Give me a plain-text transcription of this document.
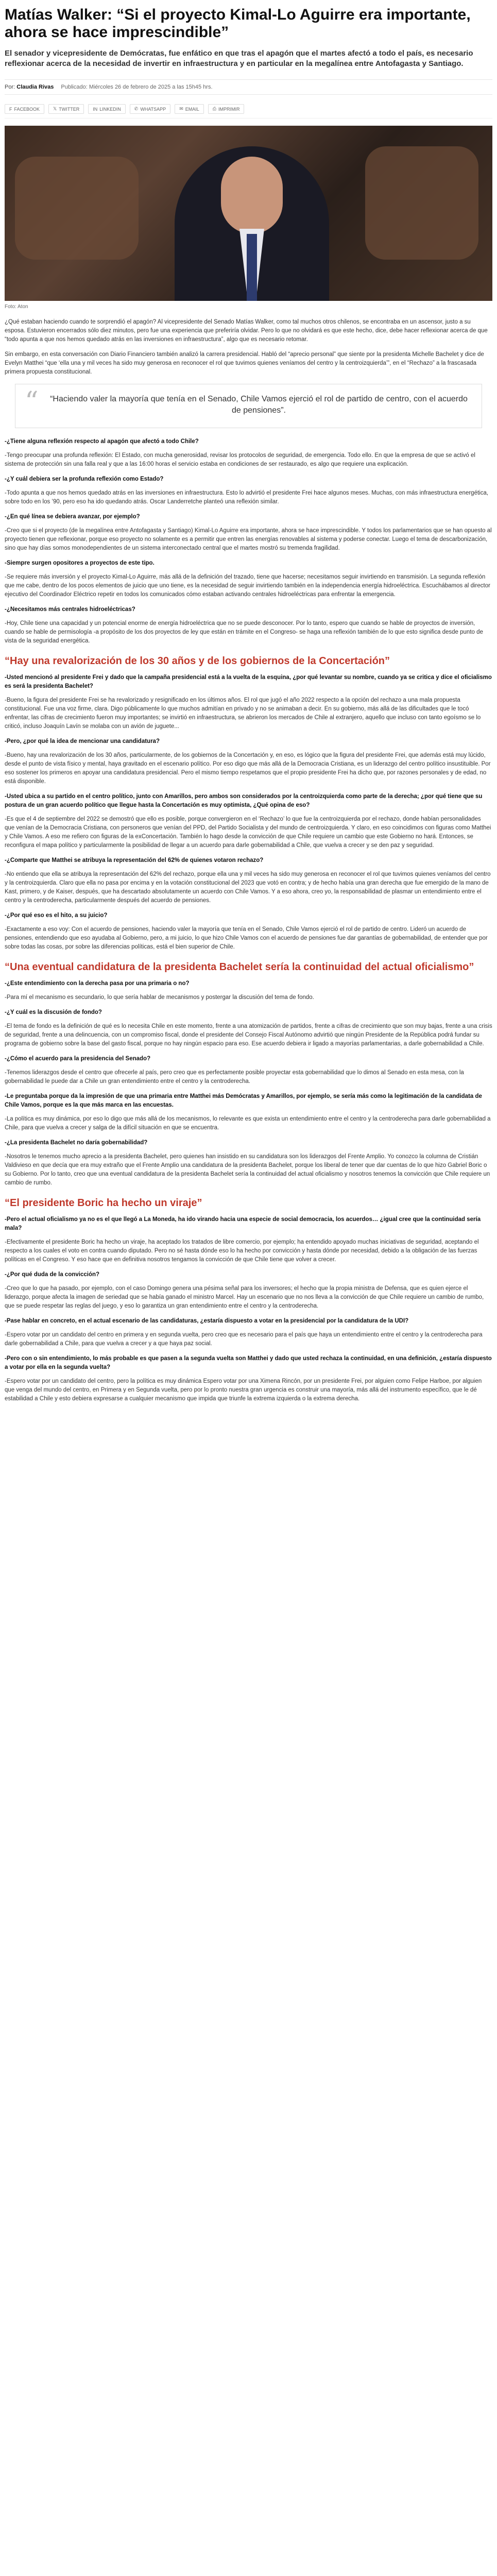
Matías Walker: “Si el proyecto Kimal-Lo Aguirre era importante, ahora se hace imprescindible”

El senador y vicepresidente de Demócratas, fue enfático en que tras el apagón que el martes afectó a todo el país, es necesario reflexionar acerca de la necesidad de invertir en infraestructura y en particular en la megalínea entre Antofagasta y Santiago.

Por: Claudia Rivas Publicado: Miércoles 26 de febrero de 2025 a las 15h45 hrs.
F FACEBOOK	𝕏 TWITTER	IN LINKEDIN	✆ WHATSAPP	✉ EMAIL	⎙ IMPRIMIR
Foto: Aton

¿Qué estaban haciendo cuando te sorprendió el apagón? Al vicepresidente del Senado Matías Walker, como tal muchos otros chilenos, se encontraba en un ascensor, justo a su esposa. Estuvieron encerrados sólo diez minutos, pero fue una experiencia que preferiría olvidar. Pero lo que no olvidará es que este hecho, dice, debe hacer reflexionar acerca de que “todo apunta a que nos hemos quedado atrás en las inversiones en infraestructura”, algo que es necesario retomar.

Sin embargo, en esta conversación con Diario Financiero también analizó la carrera presidencial. Habló del “aprecio personal” que siente por la presidenta Michelle Bachelet y dice de Evelyn Matthei “que ‘ella una y mil veces ha sido muy generosa en reconocer el rol que tuvimos quienes veníamos del centro y la centroizquierda’”, en el “Rechazo” a la frascasada primera propuesta constitucional.

“	“Haciendo valer la mayoría que tenía en el Senado, Chile Vamos ejerció el rol de partido de centro, con el acuerdo de pensiones”.

-¿Tiene alguna reflexión respecto al apagón que afectó a todo Chile?

-Tengo preocupar una profunda reflexión: El Estado, con mucha generosidad, revisar los protocolos de seguridad, de emergencia. Todo ello. En que la empresa de que se activó el sistema de protección sin una falla real y que a las 16:00 horas el servicio estaba en condiciones de ser restaurado, es algo que requiere una explicación.

-¿Y cuál debiera ser la profunda reflexión como Estado?

-Todo apunta a que nos hemos quedado atrás en las inversiones en infraestructura. Esto lo advirtió el presidente Frei hace algunos meses. Muchas, con más infraestructura energética, sobre todo en los ’90, pero eso ha ido quedando atrás. Oscar Landerretche planteó una reflexión similar.

-¿En qué línea se debiera avanzar, por ejemplo?

-Creo que si el proyecto (de la megalínea entre Antofagasta y Santiago) Kimal-Lo Aguirre era importante, ahora se hace imprescindible. Y todos los parlamentarios que se han opuesto al proyecto tienen que reflexionar, porque eso proyecto no solamente es a permitir que entren las energías renovables al sistema y poderse conectar. Luego el tema de descarbonización, sino que hay días somos monodependientes de un sistema interconectado central que el martes mostró su tremenda fragilidad.

-Siempre surgen opositores a proyectos de este tipo.

-Se requiere más inversión y el proyecto Kimal-Lo Aguirre, más allá de la definición del trazado, tiene que hacerse; necesitamos seguir invirtiendo en transmisión. La segunda reflexión que me cabe, dentro de los pocos elementos de juicio que uno tiene, es la necesidad de seguir invirtiendo también en la independencia energía hidroeléctrica. Escuchábamos al director ejecutivo del Coordinador Eléctrico repetir en todos los comunicados cómo estaban activando centrales hidroeléctricas para enfrentar la emergencia.

-¿Necesitamos más centrales hidroeléctricas?

-Hoy, Chile tiene una capacidad y un potencial enorme de energía hidroeléctrica que no se puede desconocer. Por lo tanto, espero que cuando se hable de proyectos de inversión, cuando se hable de permisología -a propósito de los dos proyectos de ley que están en trámite en el Congreso- se haga una reflexión también de lo que esto significa desde punto de vista de la seguridad energética.

“Hay una revalorización de los 30 años y de los gobiernos de la Concertación”

-Usted mencionó al presidente Frei y dado que la campaña presidencial está a la vuelta de la esquina, ¿por qué levantar su nombre, cuando ya se critica y dice el oficialismo es será la presidenta Bachelet?

-Bueno, la figura del presidente Frei se ha revalorizado y resignificado en los últimos años. El rol que jugó el año 2022 respecto a la opción del rechazo a una mala propuesta constitucional. Fue una voz firme, clara. Digo públicamente lo que muchos admitían en privado y no se animaban a decir. En su gobierno, más allá de las dificultades que le tocó enfrentar, las cifras de crecimiento fueron muy importantes; se invirtió en infraestructura, se abrieron los mercados de Chile al extranjero, aquello que incluso con tanto egoísmo se lo criticó, incluso Joaquín Lavín se molaba con un avión de juguete...

-Pero, ¿por qué la idea de mencionar una candidatura?

-Bueno, hay una revalorización de los 30 años, particularmente, de los gobiernos de la Concertación y, en eso, es lógico que la figura del presidente Frei, que además está muy lúcido, desde el punto de vista físico y mental, haya gravitado en el escenario político. Por eso digo que más allá de la Democracia Cristiana, es un liderazgo del centro político insustituible. Por eso sostener los primeros en apoyar una candidatura presidencial. Pero el mismo tiempo respetamos que el propio presidente Frei ha dicho que, por razones personales y de edad, no está disponible.

-Usted ubica a su partido en el centro político, junto con Amarillos, pero ambos son considerados por la centroizquierda como parte de la derecha; ¿por qué tiene que su postura de un gran acuerdo político que llegue hasta la Concertación es muy optimista, ¿Qué opina de eso?

-Es que el 4 de septiembre del 2022 se demostró que ello es posible, porque convergieron en el ‘Rechazo’ lo que fue la centroizquierda por el rechazo, donde habían personalidades que venían de la Democracia Cristiana, con personeros que venían del PPD, del Partido Socialista y del mundo de centroizquierda. Y claro, en eso coincidimos con figuras como Matthei y Chile Vamos. A eso me refiero con figuras de la exConcertación. También lo hago desde la convicción de que Chile requiere un cambio que este Gobierno no hará. Entonces, se reconfigura el mapa político y particularmente la posibilidad de llegar a un acuerdo para darle gobernabilidad a Chile, que vuelva a crecer y se den paz y seguridad.

-¿Comparte que Matthei se atribuya la representación del 62% de quienes votaron rechazo?

-No entiendo que ella se atribuya la representación del 62% del rechazo, porque ella una y mil veces ha sido muy generosa en reconocer el rol que tuvimos quienes veníamos del centro y la centroizquierda. Claro que ella no pasa por encima y en la votación constitucional del 2023 que votó en contra; y de hecho había una gran derecha que fue emergido de la mano de Kast, primero, y de Kaiser, después, que ha descartado absolutamente un acuerdo con Chile Vamos. Y a eso ahora, creo yo, la responsabilidad de plasmar un entendimiento entre el centro y la centroderecha, particularmente después del acuerdo de pensiones.

-¿Por qué eso es el hito, a su juicio?

-Exactamente a eso voy: Con el acuerdo de pensiones, haciendo valer la mayoría que tenía en el Senado, Chile Vamos ejerció el rol de partido de centro. Lideró un acuerdo de pensiones, entendiendo que eso ayudaba al Gobierno, pero, a mi juicio, lo que hizo Chile Vamos con el acuerdo de pensiones fue dar garantías de gobernabilidad, de entender que por sobre todas las cosas, por sobre las diferencias políticas, está el bien superior de Chile.

“Una eventual candidatura de la presidenta Bachelet sería la continuidad del actual oficialismo”

-¿Este entendimiento con la derecha pasa por una primaria o no?

-Para mí el mecanismo es secundario, lo que sería hablar de mecanismos y postergar la discusión del tema de fondo.

-¿Y cuál es la discusión de fondo?

-El tema de fondo es la definición de qué es lo necesita Chile en este momento, frente a una atomización de partidos, frente a cifras de crecimiento que son muy bajas, frente a una crisis de seguridad, frente a una delincuencia, con un compromiso fiscal, donde el presidente del Consejo Fiscal Autónomo advirtió que ningún Presidente de la República podrá fundar su programa de gobierno sobre la base del gasto fiscal, porque no hay ningún espacio para eso. Ese acuerdo debiera ir ligado a mayorías parlamentarias, a darle gobernabilidad a Chile.

-¿Cómo el acuerdo para la presidencia del Senado?

-Tenemos liderazgos desde el centro que ofrecerle al país, pero creo que es perfectamente posible proyectar esta gobernabilidad que lo dimos al Senado en esta mesa, con la gobernabilidad le puede dar a Chile un gran entendimiento entre el centro y la centroderecha.

-Le preguntaba porque da la impresión de que una primaria entre Matthei más Demócratas y Amarillos, por ejemplo, se sería más como la legitimación de la candidata de Chile Vamos, porque es la que más marca en las encuestas.

-La política es muy dinámica, por eso lo digo que más allá de los mecanismos, lo relevante es que exista un entendimiento entre el centro y la centroderecha para darle gobernabilidad a Chile, para que vuelva a crecer y salga de la difícil situación en que se encuentra.

-¿La presidenta Bachelet no daría gobernabilidad?

-Nosotros le tenemos mucho aprecio a la presidenta Bachelet, pero quienes han insistido en su candidatura son los liderazgos del Frente Amplio. Yo conozco la columna de Cristián Valdivieso en que decía que era muy extraño que el Frente Amplio una candidatura de la presidenta Bachelet, porque los liberal de tener que dar cuentas de lo que hizo Gabriel Boric o su Gobierno. Por lo tanto, creo que una eventual candidatura de la presidenta Bachelet sería la continuidad del actual oficialismo y nosotros tenemos la convicción que Chile requiere un cambio de rumbo.

“El presidente Boric ha hecho un viraje”

-Pero el actual oficialismo ya no es el que llegó a La Moneda, ha ido virando hacia una especie de social democracia, los acuerdos… ¿igual cree que la continuidad sería mala?

-Efectivamente el presidente Boric ha hecho un viraje, ha aceptado los tratados de libre comercio, por ejemplo; ha entendido apoyado muchas iniciativas de seguridad, aceptando el respecto a los cuales el voto en contra cuando diputado. Pero no sé hasta dónde eso lo ha hecho por convicción y hasta dónde por necesidad, debido a la obligación de las fuerzas políticas en el Congreso. Y eso hace que en definitiva nosotros tengamos la convicción de que Chile tiene que volver a crecer.

-¿Por qué duda de la convicción?

-Creo que lo que ha pasado, por ejemplo, con el caso Domingo genera una pésima señal para los inversores; el hecho que la propia ministra de Defensa, que es quien ejerce el liderazgo, porque afecta la imagen de seriedad que se había ganado el ministro Marcel. Hay un escenario que no nos lleva a la convicción de que Chile requiere un cambio de rumbo, que se puede respetar las reglas del juego, y eso lo garantiza un gran entendimiento entre el centro y la centroderecha.

-Pase hablar en concreto, en el actual escenario de las candidaturas, ¿estaría dispuesto a votar en la presidencial por la candidatura de la UDI?

-Espero votar por un candidato del centro en primera y en segunda vuelta, pero creo que es necesario para el país que haya un entendimiento entre el centro y la centroderecha para darle gobernabilidad a Chile, para que vuelva a crecer y a que haya paz social.

-Pero con o sin entendimiento, lo más probable es que pasen a la segunda vuelta son Matthei y dado que usted rechaza la continuidad, en una definición, ¿estaría dispuesto a votar por ella en la segunda vuelta?

-Espero votar por un candidato del centro, pero la política es muy dinámica Espero votar por una Ximena Rincón, por un presidente Frei, por alguien como Felipe Harboe, por alguien que venga del mundo del centro, en Primera y en Segunda vuelta, pero por lo pronto nuestra gran urgencia es construir una mayoría, más allá del instrumento específico, que le dé estabilidad a Chile y esto debiera expresarse a cualquier mecanismo que impida que triunfe la extrema izquierda o la extrema derecha.
